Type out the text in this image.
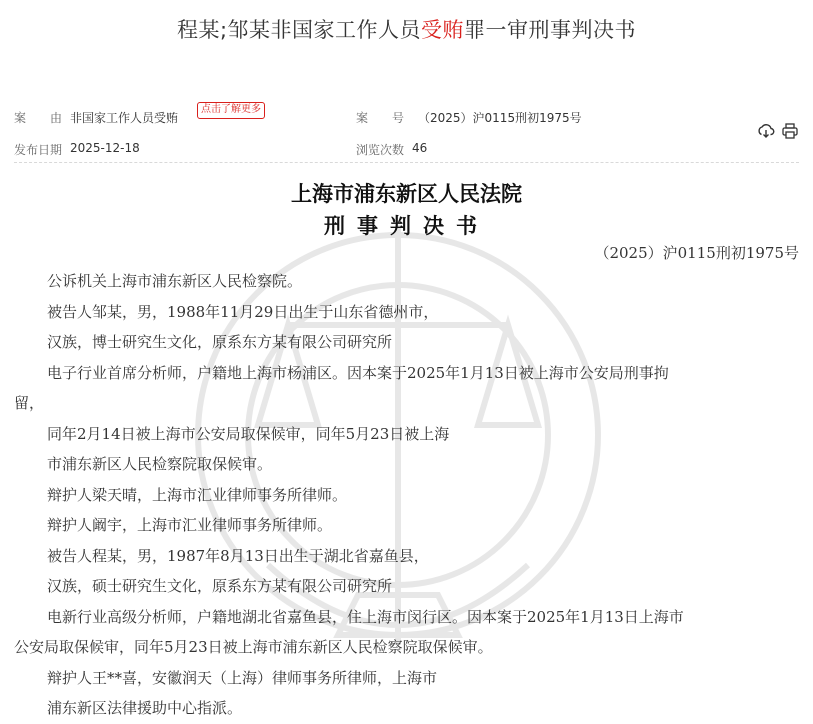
程某;邹某非国家工作人员受贿罪一审刑事判决书
案　　由 非国家工作人员受贿
点击了解更多
案　　号 （2025）沪0115刑初1975号

发布日期 2025-12-18	浏览次数 46
上海市浦东新区人民法院
刑事判决书
（2025）沪0115刑初1975号

公诉机关上海市浦东新区人民检察院。

被告人邹某，男，1988年11月29日出生于山东省德州市，

汉族，博士研究生文化，原系东方某有限公司研究所

电子行业首席分析师，户籍地上海市杨浦区。因本案于2025年1月13日被上海市公安局刑事拘

留，

同年2月14日被上海市公安局取保候审，同年5月23日被上海

市浦东新区人民检察院取保候审。

辩护人梁天晴，上海市汇业律师事务所律师。

辩护人阚宇，上海市汇业律师事务所律师。

被告人程某，男，1987年8月13日出生于湖北省嘉鱼县，

汉族，硕士研究生文化，原系东方某有限公司研究所

电新行业高级分析师，户籍地湖北省嘉鱼县，住上海市闵行区。因本案于2025年1月13日上海市

公安局取保候审，同年5月23日被上海市浦东新区人民检察院取保候审。

辩护人王**喜，安徽润天（上海）律师事务所律师，上海市

浦东新区法律援助中心指派。
